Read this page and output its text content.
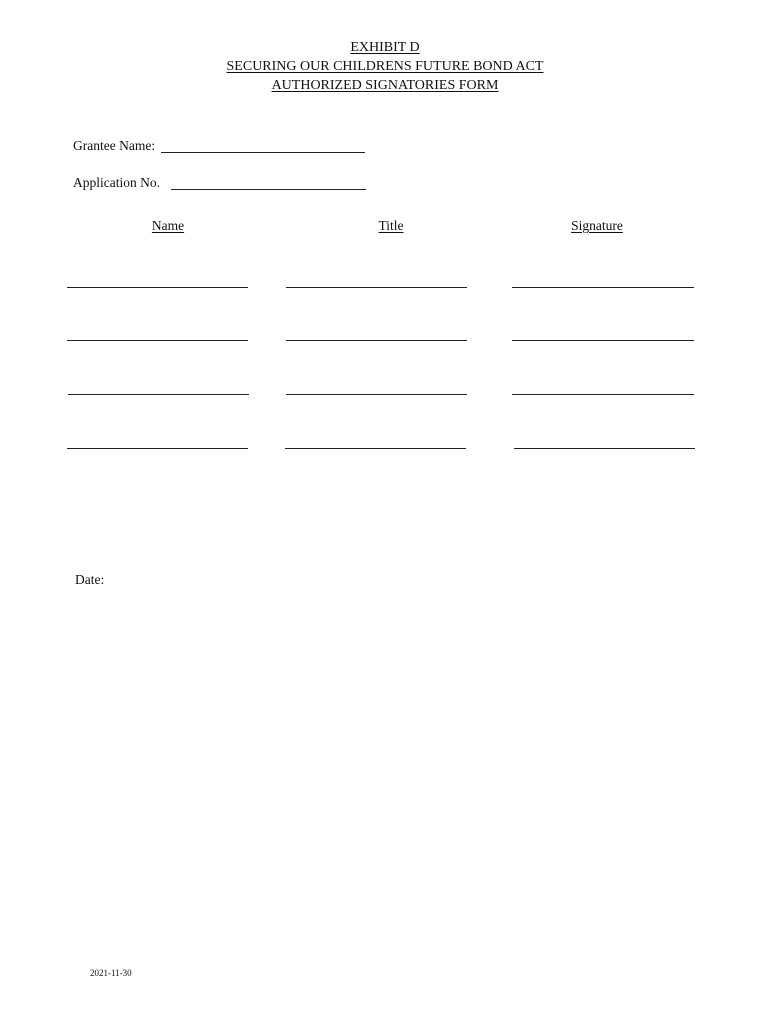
EXHIBIT D
SECURING OUR CHILDRENS FUTURE BOND ACT
AUTHORIZED SIGNATORIES FORM
Grantee Name:
Application No.
Name	Title	Signature
Date:
2021-11-30
